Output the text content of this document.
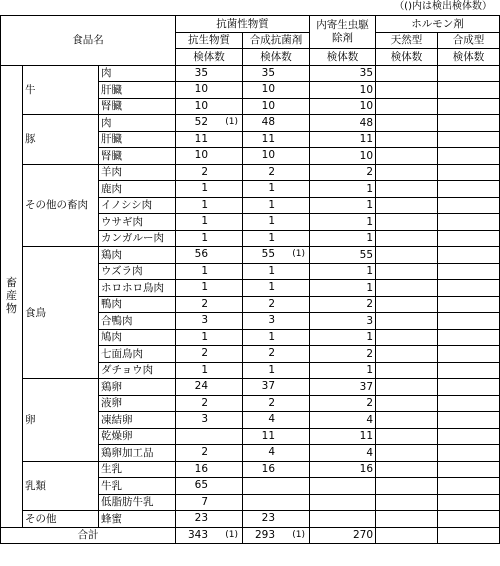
（()内は検出検体数）
食品名			抗菌性物質		内寄生虫駆除剤	ホルモン剤	
			抗生物質	合成抗菌剤		天然型	合成型
			検体数	検体数	検体数	検体数	検体数
畜産物	牛	肉	35	35	35		
		肝臓	10	10	10		
		腎臓	10	10	10		
	豚	肉	52 (1)	48	48		
		肝臓	11	11	11		
		腎臓	10	10	10		
	その他の畜肉	羊肉	2	2	2		
		鹿肉	1	1	1		
		イノシシ肉	1	1	1		
		ウサギ肉	1	1	1		
		カンガルー肉	1	1	1		
	食鳥	鶏肉	56	55 (1)	55		
		ウズラ肉	1	1	1		
		ホロホロ鳥肉	1	1	1		
		鴨肉	2	2	2		
		合鴨肉	3	3	3		
		鳩肉	1	1	1		
		七面鳥肉	2	2	2		
		ダチョウ肉	1	1	1		
	卵	鶏卵	24	37	37		
		液卵	2	2	2		
		凍結卵	3	4	4		
		乾燥卵		11	11		
		鶏卵加工品	2	4	4		
	乳類	生乳	16	16	16		
		牛乳	65				

		低脂肪牛乳	7				

	その他	蜂蜜	23	23			

合計			343 (1)	293 (1)	270		
